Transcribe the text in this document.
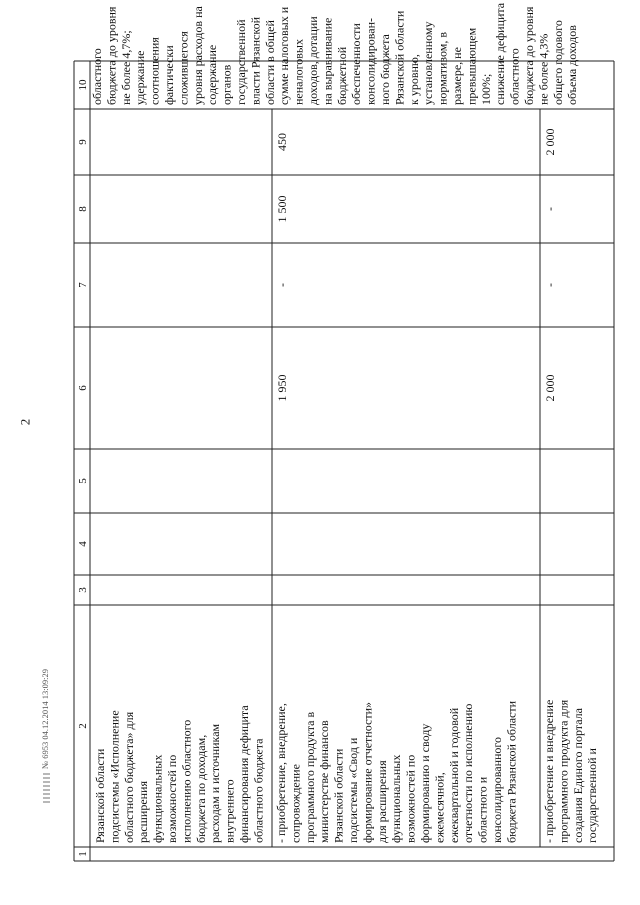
2
1
2
3
4
5
6
7
8
9
10
Рязанской области подсистемы «Исполнение областного бюджета» для расширения функциональных возможностей по исполнению областного бюджета по доходам, расходам и источникам внутреннего финансирования дефицита областного бюджета - приобретение, внедрение, сопровождение программного продукта в министерстве финансов Рязанской области подсистемы «Свод и формирование отчетности» для расширения функциональных возможностей по формированию и своду ежемесячной, ежеквартальной и годовой отчетности по исполнению областного и консолидированного бюджета Рязанской области - приобретение и внедрение программного продукта для создания Единого портала государственной и
областного бюджета до уровня не более 4,7%; удержание соотношения фактически сложившегося уровня расходов на содержание органов государственной власти Рязанской области в общей сумме налоговых и неналоговых доходов, дотации на выравнивание бюджетной обеспеченности консолидирован- ного бюджета Рязанской области к уровню, установленному нормативом, в размере, не превышающем 100%; снижение дефицита областного бюджета до уровня не более 4,3% общего годового объема доходов
1 950
-
1 500
450
2 000
-
-
2 000
№ 6953 04.12.2014 13:09:29
